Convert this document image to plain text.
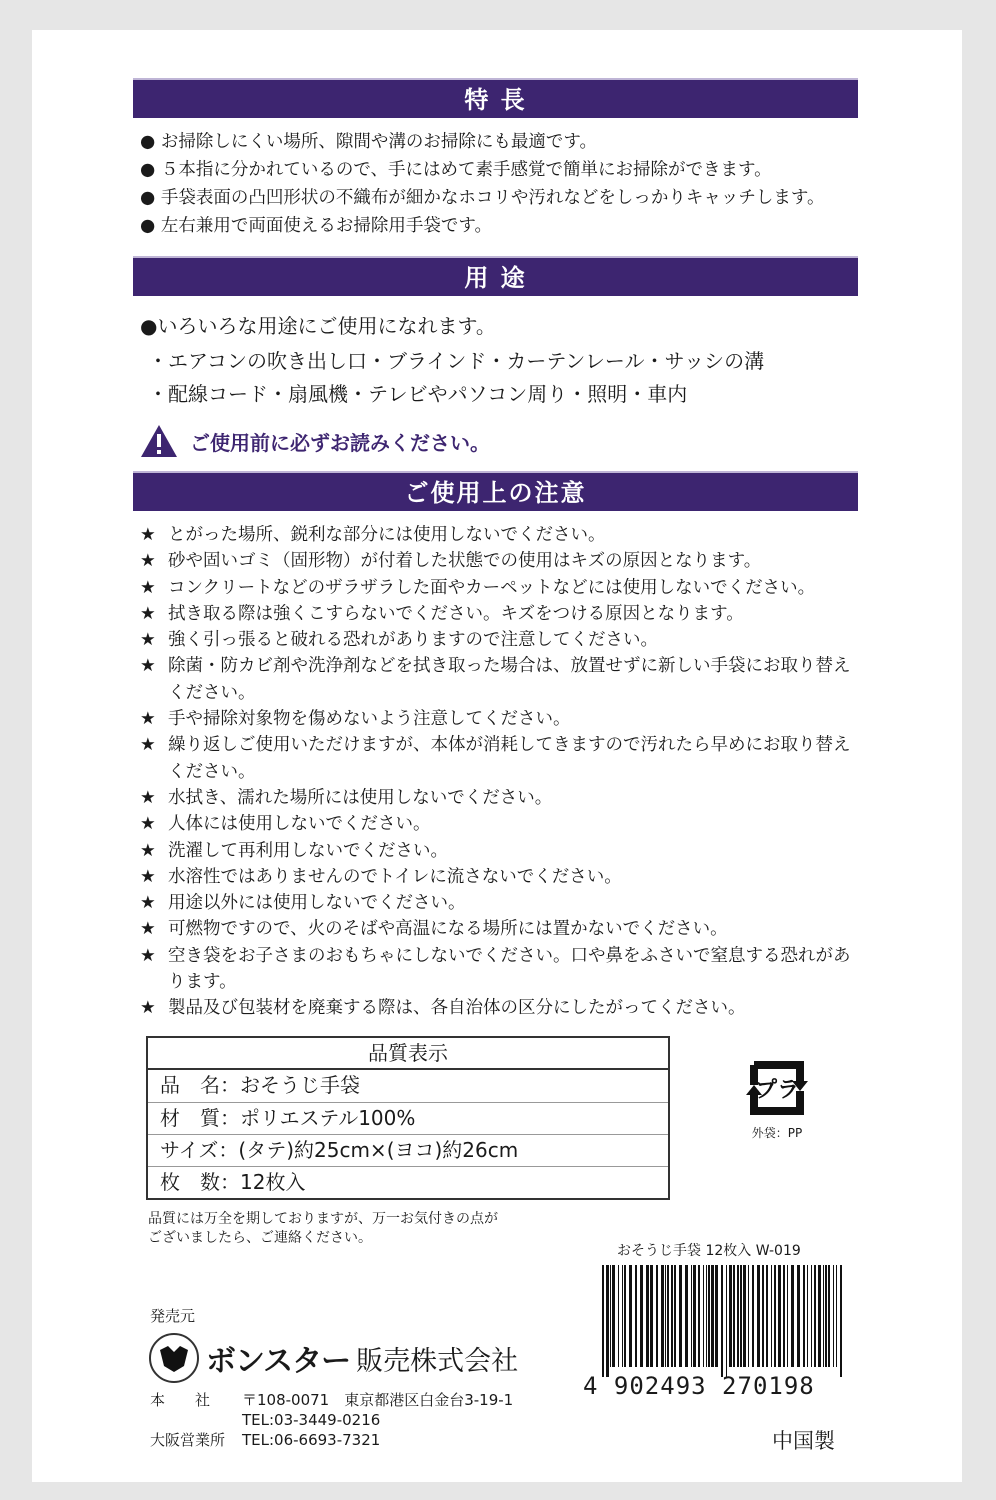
特 長
● お掃除しにくい場所、隙間や溝のお掃除にも最適です。
● ５本指に分かれているので、手にはめて素手感覚で簡単にお掃除ができます。
● 手袋表面の凸凹形状の不織布が細かなホコリや汚れなどをしっかりキャッチします。
● 左右兼用で両面使えるお掃除用手袋です。
用 途
●いろいろな用途にご使用になれます。
・エアコンの吹き出し口・ブラインド・カーテンレール・サッシの溝
・配線コード・扇風機・テレビやパソコン周り・照明・車内
ご使用前に必ずお読みください。
ご使用上の注意
★ とがった場所、鋭利な部分には使用しないでください。
★ 砂や固いゴミ（固形物）が付着した状態での使用はキズの原因となります。
★ コンクリートなどのザラザラした面やカーペットなどには使用しないでください。
★ 拭き取る際は強くこすらないでください。キズをつける原因となります。
★ 強く引っ張ると破れる恐れがありますので注意してください。
★ 除菌・防カビ剤や洗浄剤などを拭き取った場合は、放置せずに新しい手袋にお取り替えください。
★ 手や掃除対象物を傷めないよう注意してください。
★ 繰り返しご使用いただけますが、本体が消耗してきますので汚れたら早めにお取り替えください。
★ 水拭き、濡れた場所には使用しないでください。
★ 人体には使用しないでください。
★ 洗濯して再利用しないでください。
★ 水溶性ではありませんのでトイレに流さないでください。
★ 用途以外には使用しないでください。
★ 可燃物ですので、火のそばや高温になる場所には置かないでください。
★ 空き袋をお子さまのおもちゃにしないでください。口や鼻をふさいで窒息する恐れがあります。
★ 製品及び包装材を廃棄する際は、各自治体の区分にしたがってください。
品質表示
品　名：おそうじ手袋
材　質：ポリエステル100%
サイズ：(タテ)約25cm×(ヨコ)約26cm
枚　数：12枚入
プラ
外袋：PP
品質には万全を期しておりますが、万一お気付きの点が
ございましたら、ご連絡ください。
おそうじ手袋 12枚入 W-019
4 902493 270198
発売元
ボンスター 販売株式会社
本　　社 〒108-0071　東京都港区白金台3-19-1
TEL:03-3449-0216
大阪営業所 TEL:06-6693-7321	中国製
